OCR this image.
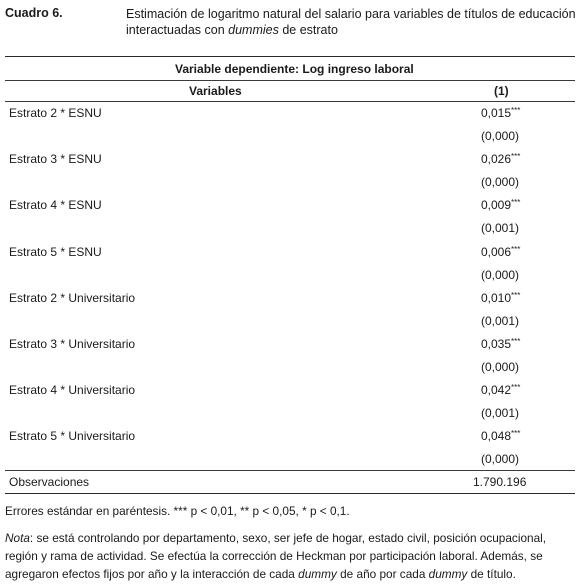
Cuadro 6.	Estimación de logaritmo natural del salario para variables de títulos de educación interactuadas con dummies de estrato
Variable dependiente: Log ingreso laboral
Variables	(1)
Estrato 2 * ESNU	0,015***
(0,000)
Estrato 3 * ESNU	0,026***
(0,000)
Estrato 4 * ESNU	0,009***
(0,001)
Estrato 5 * ESNU	0,006***
(0,000)
Estrato 2 * Universitario	0,010***
(0,001)
Estrato 3 * Universitario	0,035***
(0,000)
Estrato 4 * Universitario	0,042***
(0,001)
Estrato 5 * Universitario	0,048***
(0,000)
Observaciones	1.790.196
Errores estándar en paréntesis. *** p < 0,01, ** p < 0,05, * p < 0,1.
Nota: se está controlando por departamento, sexo, ser jefe de hogar, estado civil, posición ocupacional, región y rama de actividad. Se efectúa la corrección de Heckman por participación laboral. Además, se agregaron efectos fijos por año y la interacción de cada dummy de año por cada dummy de título.
